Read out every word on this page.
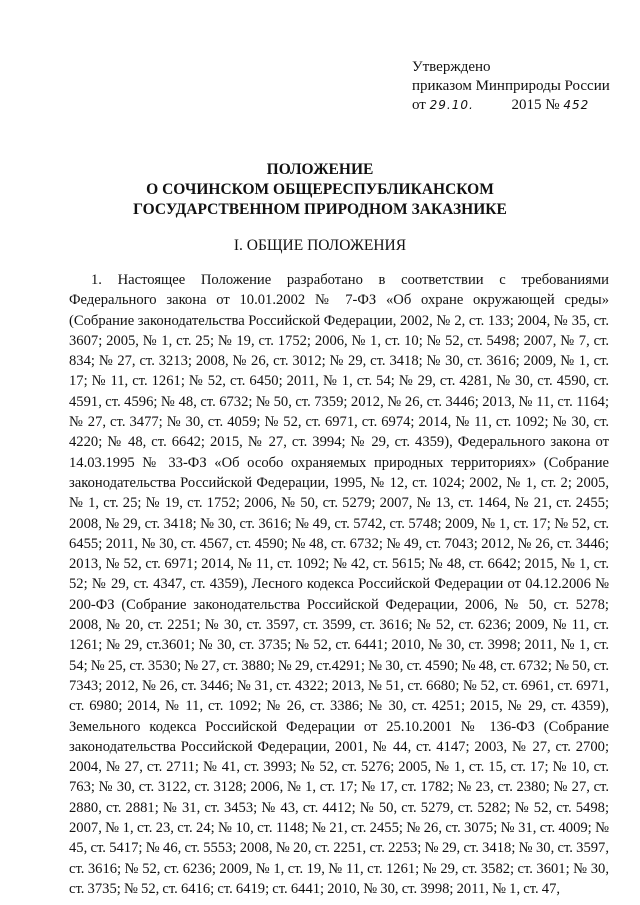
Утверждено
приказом Минприроды России
от 29.10.	2015 № 452
ПОЛОЖЕНИЕ
О СОЧИНСКОМ ОБЩЕРЕСПУБЛИКАНСКОМ
ГОСУДАРСТВЕННОМ ПРИРОДНОМ ЗАКАЗНИКЕ
I. ОБЩИЕ ПОЛОЖЕНИЯ

1. Настоящее Положение разработано в соответствии с требованиями Федерального закона от 10.01.2002 № 7-ФЗ «Об охране окружающей среды» (Собрание законодательства Российской Федерации, 2002, № 2, ст. 133; 2004, № 35, ст. 3607; 2005, № 1, ст. 25; № 19, ст. 1752; 2006, № 1, ст. 10; № 52, ст. 5498; 2007, № 7, ст. 834; № 27, ст. 3213; 2008, № 26, ст. 3012; № 29, ст. 3418; № 30, ст. 3616; 2009, № 1, ст. 17; № 11, ст. 1261; № 52, ст. 6450; 2011, № 1, ст. 54; № 29, ст. 4281, № 30, ст. 4590, ст. 4591, ст. 4596; № 48, ст. 6732; № 50, ст. 7359; 2012, № 26, ст. 3446; 2013, № 11, ст. 1164; № 27, ст. 3477; № 30, ст. 4059; № 52, ст. 6971, ст. 6974; 2014, № 11, ст. 1092; № 30, ст. 4220; № 48, ст. 6642; 2015, № 27, ст. 3994; № 29, ст. 4359), Федерального закона от 14.03.1995 № 33-ФЗ «Об особо охраняемых природных территориях» (Собрание законодательства Российской Федерации, 1995, № 12, ст. 1024; 2002, № 1, ст. 2; 2005, № 1, ст. 25; № 19, ст. 1752; 2006, № 50, ст. 5279; 2007, № 13, ст. 1464, № 21, ст. 2455; 2008, № 29, ст. 3418; № 30, ст. 3616; № 49, ст. 5742, ст. 5748; 2009, № 1, ст. 17; № 52, ст. 6455; 2011, № 30, ст. 4567, ст. 4590; № 48, ст. 6732; № 49, ст. 7043; 2012, № 26, ст. 3446; 2013, № 52, ст. 6971; 2014, № 11, ст. 1092; № 42, ст. 5615; № 48, ст. 6642; 2015, № 1, ст. 52; № 29, ст. 4347, ст. 4359), Лесного кодекса Российской Федерации от 04.12.2006 № 200-ФЗ (Собрание законодательства Российской Федерации, 2006, № 50, ст. 5278; 2008, № 20, ст. 2251; № 30, ст. 3597, ст. 3599, ст. 3616; № 52, ст. 6236; 2009, № 11, ст. 1261; № 29, ст.3601; № 30, ст. 3735; № 52, ст. 6441; 2010, № 30, ст. 3998; 2011, № 1, ст. 54; № 25, ст. 3530; № 27, ст. 3880; № 29, ст.4291; № 30, ст. 4590; № 48, ст. 6732; № 50, ст. 7343; 2012, № 26, ст. 3446; № 31, ст. 4322; 2013, № 51, ст. 6680; № 52, ст. 6961, ст. 6971, ст. 6980; 2014, № 11, ст. 1092; № 26, ст. 3386; № 30, ст. 4251; 2015, № 29, ст. 4359), Земельного кодекса Российской Федерации от 25.10.2001 № 136-ФЗ (Собрание законодательства Российской Федерации, 2001, № 44, ст. 4147; 2003, № 27, ст. 2700; 2004, № 27, ст. 2711; № 41, ст. 3993; № 52, ст. 5276; 2005, № 1, ст. 15, ст. 17; № 10, ст. 763; № 30, ст. 3122, ст. 3128; 2006, № 1, ст. 17; № 17, ст. 1782; № 23, ст. 2380; № 27, ст. 2880, ст. 2881; № 31, ст. 3453; № 43, ст. 4412; № 50, ст. 5279, ст. 5282; № 52, ст. 5498; 2007, № 1, ст. 23, ст. 24; № 10, ст. 1148; № 21, ст. 2455; № 26, ст. 3075; № 31, ст. 4009; № 45, ст. 5417; № 46, ст. 5553; 2008, № 20, ст. 2251, ст. 2253; № 29, ст. 3418; № 30, ст. 3597, ст. 3616; № 52, ст. 6236; 2009, № 1, ст. 19, № 11, ст. 1261; № 29, ст. 3582; ст. 3601; № 30, ст. 3735; № 52, ст. 6416; ст. 6419; ст. 6441; 2010, № 30, ст. 3998; 2011, № 1, ст. 47,
